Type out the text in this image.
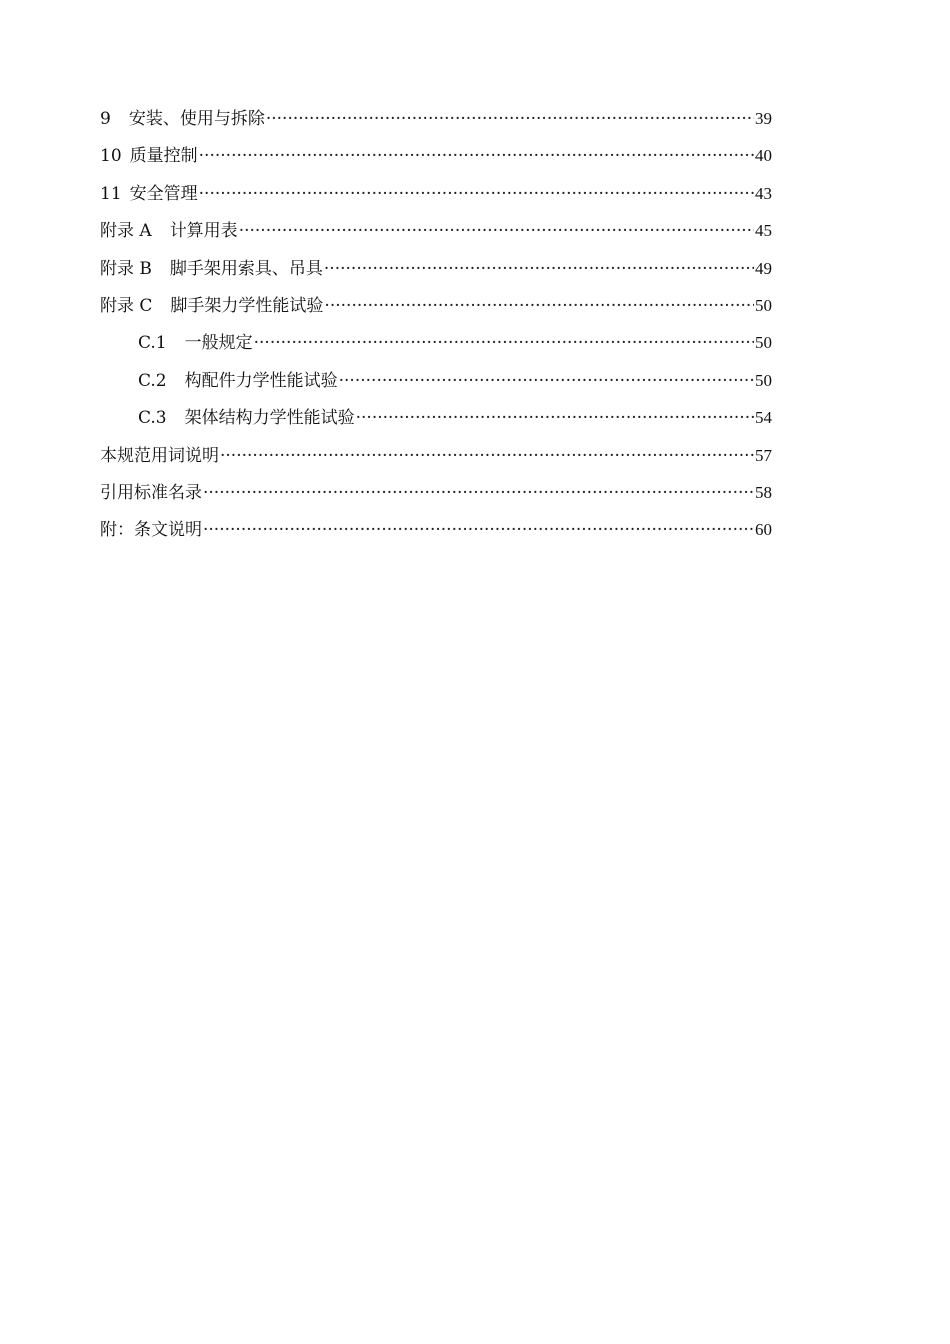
9 安装、使用与拆除 ·····	39
10 质量控制 ·····	40
11 安全管理 ·····	43
附录 A 计算用表 ·····	45
附录 B 脚手架用索具、吊具 ·····	49
附录 C 脚手架力学性能试验 ·····	50
C.1 一般规定 ·····	50
C.2 构配件力学性能试验 ·····	50
C.3 架体结构力学性能试验 ·····	54
本规范用词说明 ·····	57
引用标准名录 ·····	58
附：条文说明 ·····	60
